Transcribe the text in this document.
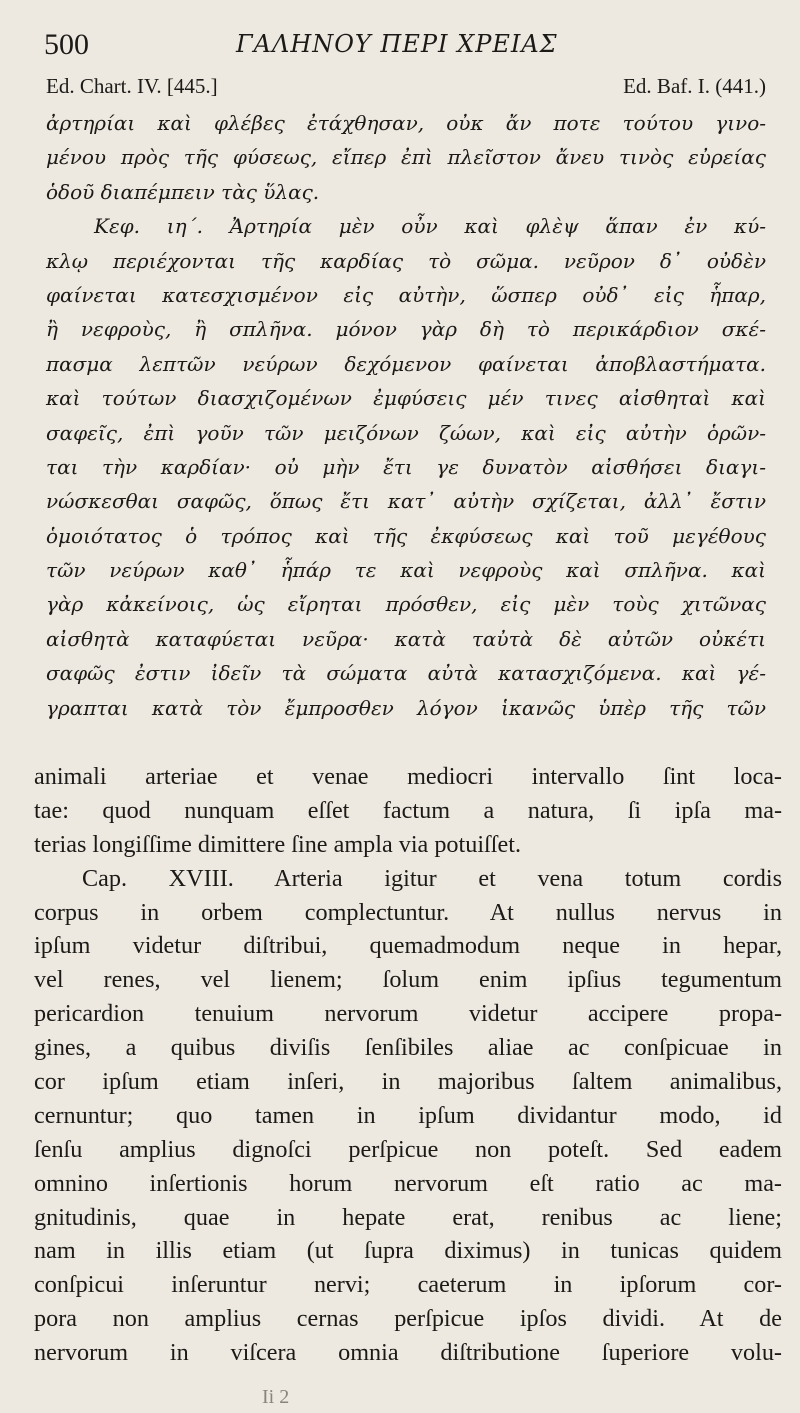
500	ΓΑΛΗΝΟΥ ΠΕΡΙ ΧΡΕΙΑΣ
Ed. Chart. IV. [445.]	Ed. Baf. I. (441.)
ἀρτηρίαι καὶ φλέβες ἐτάχθησαν, οὐκ ἄν ποτε τούτου γινο-
μένου πρὸς τῆς φύσεως, εἴπερ ἐπὶ πλεῖστον ἄνευ τινὸς εὐρείας
ὁδοῦ διαπέμπειν τὰς ὕλας.
Κεφ. ιη΄. Ἀρτηρία μὲν οὖν καὶ φλὲψ ἅπαν ἐν κύ-
κλῳ περιέχονται τῆς καρδίας τὸ σῶμα. νεῦρον δ᾽ οὐδὲν
φαίνεται κατεσχισμένον εἰς αὐτὴν, ὥσπερ οὐδ᾽ εἰς ἧπαρ,
ἢ νεφροὺς, ἢ σπλῆνα. μόνον γὰρ δὴ τὸ περικάρδιον σκέ-
πασμα λεπτῶν νεύρων δεχόμενον φαίνεται ἀποβλαστήματα.
καὶ τούτων διασχιζομένων ἐμφύσεις μέν τινες αἰσθηταὶ καὶ
σαφεῖς, ἐπὶ γοῦν τῶν μειζόνων ζώων, καὶ εἰς αὐτὴν ὁρῶν-
ται τὴν καρδίαν· οὐ μὴν ἔτι γε δυνατὸν αἰσθήσει διαγι-
νώσκεσθαι σαφῶς, ὅπως ἔτι κατ᾽ αὐτὴν σχίζεται, ἀλλ᾽ ἔστιν
ὁμοιότατος ὁ τρόπος καὶ τῆς ἐκφύσεως καὶ τοῦ μεγέθους
τῶν νεύρων καθ᾽ ἧπάρ τε καὶ νεφροὺς καὶ σπλῆνα. καὶ
γὰρ κἀκείνοις, ὡς εἴρηται πρόσθεν, εἰς μὲν τοὺς χιτῶνας
αἰσθητὰ καταφύεται νεῦρα· κατὰ ταὐτὰ δὲ αὐτῶν οὐκέτι
σαφῶς ἐστιν ἰδεῖν τὰ σώματα αὐτὰ κατασχιζόμενα. καὶ γέ-
γραπται κατὰ τὸν ἔμπροσθεν λόγον ἱκανῶς ὑπὲρ τῆς τῶν
animali arteriae et venae mediocri intervallo ſint loca-
tae: quod nunquam eſſet factum a natura, ſi ipſa ma-
terias longiſſime dimittere ſine ampla via potuiſſet.
Cap. XVIII. Arteria igitur et vena totum cordis
corpus in orbem complectuntur. At nullus nervus in
ipſum videtur diſtribui, quemadmodum neque in hepar,
vel renes, vel lienem; ſolum enim ipſius tegumentum
pericardion tenuium nervorum videtur accipere propa-
gines, a quibus diviſis ſenſibiles aliae ac conſpicuae in
cor ipſum etiam inſeri, in majoribus ſaltem animalibus,
cernuntur; quo tamen in ipſum dividantur modo, id
ſenſu amplius dignoſci perſpicue non poteſt. Sed eadem
omnino inſertionis horum nervorum eſt ratio ac ma-
gnitudinis, quae in hepate erat, renibus ac liene;
nam in illis etiam (ut ſupra diximus) in tunicas quidem
conſpicui inſeruntur nervi; caeterum in ipſorum cor-
pora non amplius cernas perſpicue ipſos dividi. At de
nervorum in viſcera omnia diſtributione ſuperiore volu-
Ii 2
